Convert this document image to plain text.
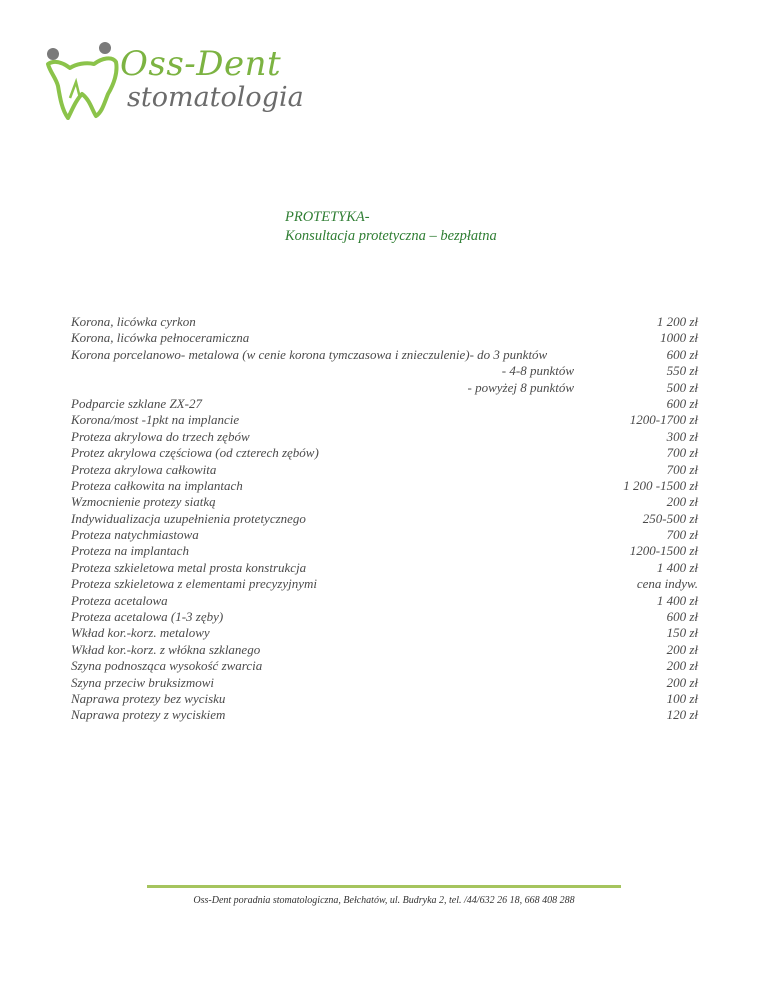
Oss-Dent
stomatologia
PROTETYKA-
Konsultacja protetyczna – bezpłatna
Korona, licówka cyrkon	1 200 zł
Korona, licówka pełnoceramiczna	1000 zł
Korona porcelanowo- metalowa (w cenie korona tymczasowa i znieczulenie)- do 3 punktów	600 zł
- 4-8 punktów	550 zł
- powyżej 8 punktów	500 zł
Podparcie szklane ZX-27	600 zł
Korona/most -1pkt na implancie	1200-1700 zł
Proteza akrylowa do trzech zębów	300 zł
Protez akrylowa częściowa (od czterech zębów)	700 zł
Proteza akrylowa całkowita	700 zł
Proteza całkowita na implantach	1 200 -1500 zł
Wzmocnienie protezy siatką	200 zł
Indywidualizacja uzupełnienia protetycznego	250-500 zł
Proteza natychmiastowa	700 zł
Proteza na implantach	1200-1500 zł
Proteza szkieletowa metal prosta konstrukcja	1 400 zł
Proteza szkieletowa z elementami precyzyjnymi	cena indyw.
Proteza acetalowa	1 400 zł
Proteza acetalowa (1-3 zęby)	600 zł
Wkład kor.-korz. metalowy	150 zł
Wkład kor.-korz. z włókna szklanego	200 zł
Szyna podnosząca wysokość zwarcia	200 zł
Szyna przeciw bruksizmowi	200 zł
Naprawa protezy bez wycisku	100 zł
Naprawa protezy z wyciskiem	120 zł
Oss-Dent poradnia stomatologiczna, Bełchatów, ul. Budryka 2, tel. /44/632 26 18, 668 408 288
